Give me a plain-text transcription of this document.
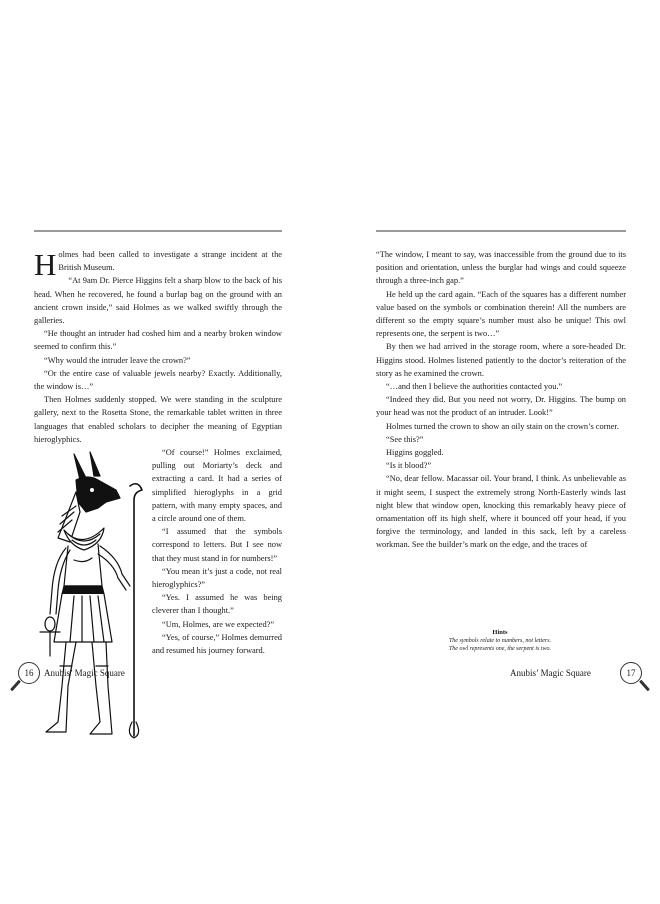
Holmes had been called to investigate a strange incident at the British Museum.

“At 9am Dr. Pierce Higgins felt a sharp blow to the back of his head. When he recovered, he found a burlap bag on the ground with an ancient crown inside,” said Holmes as we walked swiftly through the galleries.

“He thought an intruder had coshed him and a nearby broken window seemed to confirm this.”

“Why would the intruder leave the crown?”

“Or the entire case of valuable jewels nearby? Exactly. Additionally, the window is…”

Then Holmes suddenly stopped. We were standing in the sculpture gallery, next to the Rosetta Stone, the remarkable tablet written in three languages that enabled scholars to decipher the meaning of Egyptian hieroglyphics.

“Of course!” Holmes exclaimed, pulling out Moriarty’s deck and extracting a card. It had a series of simplified hieroglyphs in a grid pattern, with many empty spaces, and a circle around one of them.

“I assumed that the symbols correspond to letters. But I see now that they must stand in for numbers!”

“You mean it’s just a code, not real hieroglyphics?”

“Yes. I assumed he was being cleverer than I thought.”

“Um, Holmes, are we expected?”

“Yes, of course,” Holmes demurred and resumed his journey forward.

“The window, I meant to say, was inaccessible from the ground due to its position and orientation, unless the burglar had wings and could squeeze through a three-inch gap.”

He held up the card again. “Each of the squares has a different number value based on the symbols or combination therein! All the numbers are different so the empty square’s number must also be unique! This owl represents one, the serpent is two…”

By then we had arrived in the storage room, where a sore-headed Dr. Higgins stood. Holmes listened patiently to the doctor’s reiteration of the story as he examined the crown.

“…and then I believe the authorities contacted you.”

“Indeed they did. But you need not worry, Dr. Higgins. The bump on your head was not the product of an intruder. Look!”

Holmes turned the crown to show an oily stain on the crown’s corner.

“See this?”

Higgins goggled.

“Is it blood?”

“No, dear fellow. Macassar oil. Your brand, I think. As unbelievable as it might seem, I suspect the extremely strong North-Easterly winds last night blew that window open, knocking this remarkably heavy piece of ornamentation off its high shelf, where it bounced off your head, if you forgive the terminology, and landed in this sack, left by a careless workman. See the builder’s mark on the edge, and the traces of

Hints
The symbols relate to numbers, not letters.
The owl represents one, the serpent is two.
16	Anubis’ Magic Square	Anubis’ Magic Square	17
